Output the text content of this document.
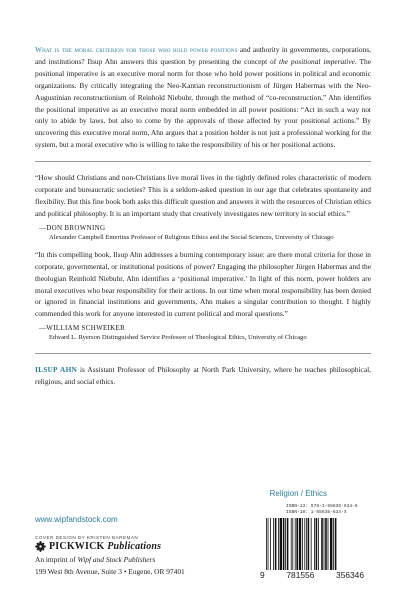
What is the moral criterion for those who hold power positions and authority in governments, corporations, and institutions? Ilsup Ahn answers this question by presenting the concept of the positional imperative. The positional imperative is an executive moral norm for those who hold power positions in political and economic organizations. By critically integrating the Neo-Kantian reconstructionism of Jürgen Habermas with the Neo-Augustinian reconstructionism of Reinhold Niebuhr, through the method of “co-reconstruction,” Ahn identifies the positional imperative as an executive moral norm embedded in all power positions: “Act in such a way not only to abide by laws, but also to come by the approvals of those affected by your positional actions.” By uncovering this executive moral norm, Ahn argues that a position holder is not just a professional working for the system, but a moral executive who is willing to take the responsibility of his or her positional actions.

“How should Christians and non-Christians live moral lives in the tightly defined roles characteristic of modern corporate and bureaucratic societies? This is a seldom-asked question in our age that celebrates spontaneity and flexibility. But this fine book both asks this difficult question and answers it with the resources of Christian ethics and political philosophy. It is an important study that creatively investigates new territory in social ethics.”

—DON BROWNING
Alexander Campbell Emeritus Professor of Religious Ethics and the Social Sciences, University of Chicago

“In this compelling book, Ilsup Ahn addresses a burning contemporary issue: are there moral criteria for those in corporate, governmental, or institutional positions of power? Engaging the philosopher Jürgen Habermas and the theologian Reinhold Niebuhr, Ahn identifies a ‘positional imperative.’ In light of this norm, power holders are moral executives who bear responsibility for their actions. In our time when moral responsibility has been denied or ignored in financial institutions and governments, Ahn makes a singular contribution to thought. I highly commended this work for anyone interested in current political and moral questions.”

—WILLIAM SCHWEIKER
Edward L. Ryerson Distinguished Service Professor of Theological Ethics, University of Chicago

ILSUP AHN is Assistant Professor of Philosophy at North Park University, where he teaches philosophical, religious, and social ethics.

Religion / Ethics
www.wipfandstock.com
COVER DESIGN BY KRISTEN BAREMAN
PICKWICK Publications
An imprint of Wipf and Stock Publishers
199 West 8th Avenue, Suite 3 • Eugene, OR 97401
ISBN-13: 978-1-55635-634-6
ISBN-10: 1-55635-634-X
9	781556	356346
